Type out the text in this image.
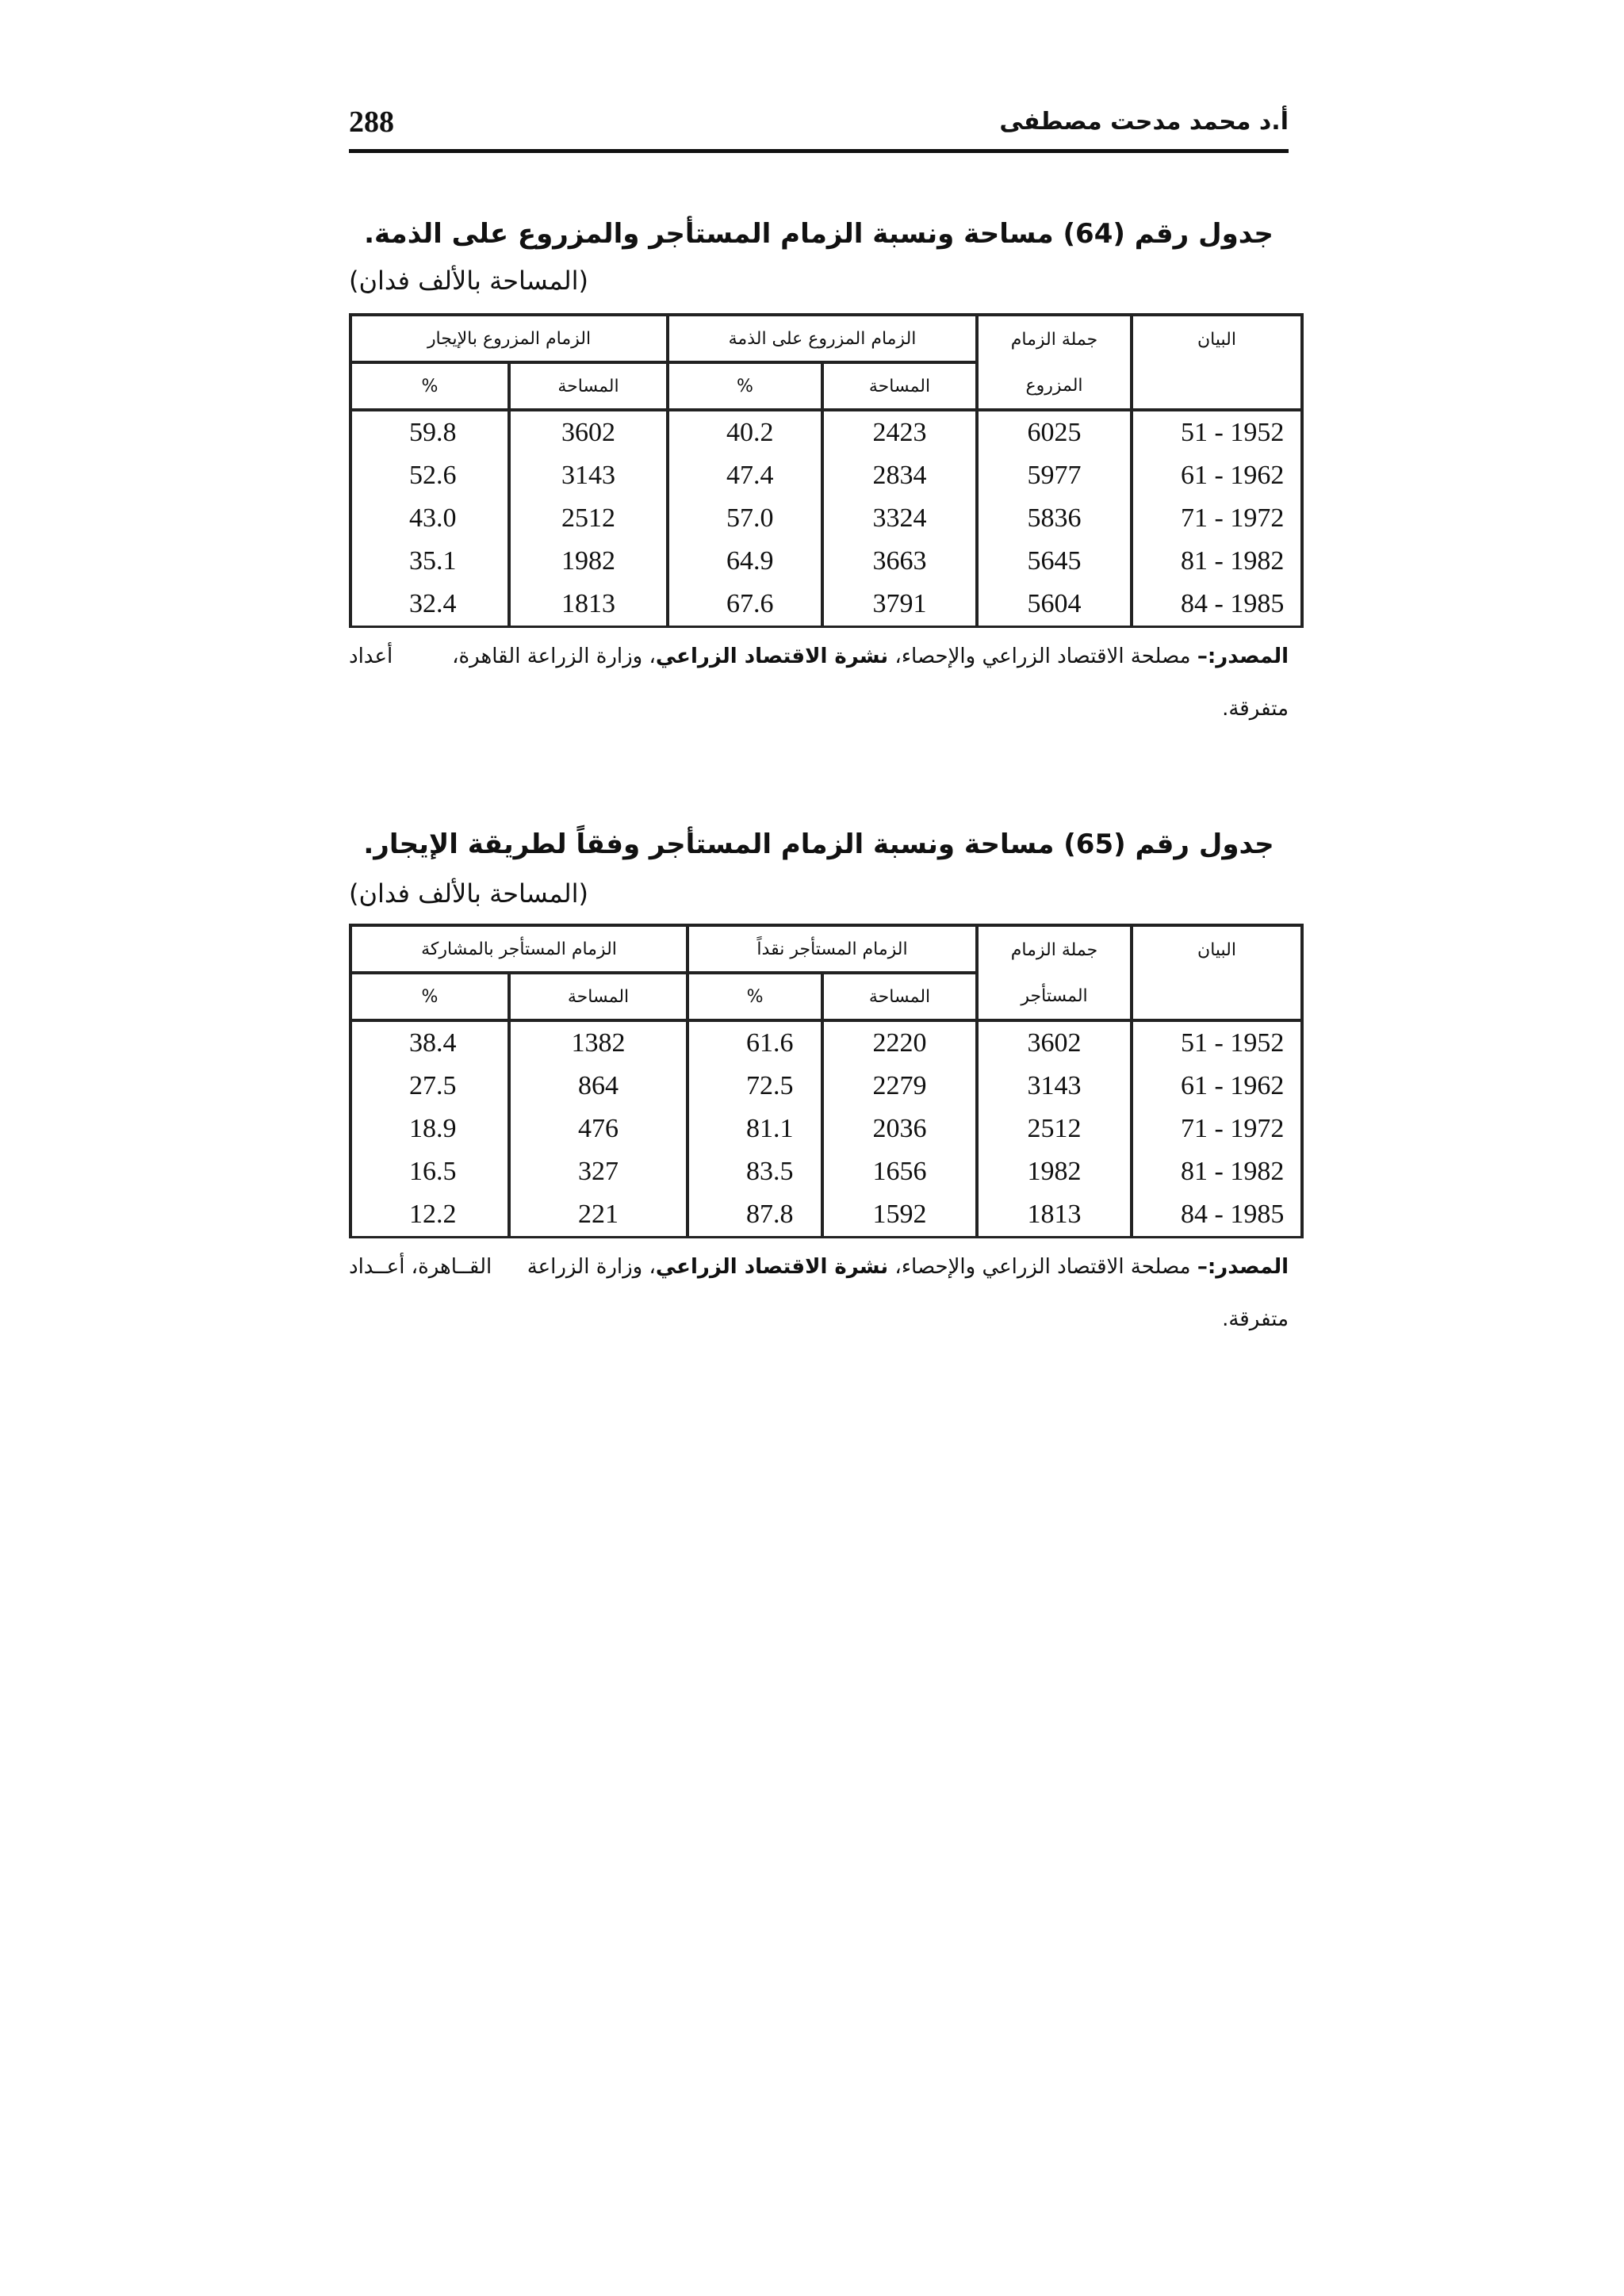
288	أ.د محمد مدحت مصطفى
جدول رقم (64) مساحة ونسبة الزمام المستأجر والمزروع على الذمة.
(المساحة بالألف فدان)
البيان	جملة الزمام	الزمام المزروع على الذمة		الزمام المزروع بالإيجار	
	المزروع	المساحة	%	المساحة	%
51 - 1952	6025	2423	40.2	3602	59.8
61 - 1962	5977	2834	47.4	3143	52.6
71 - 1972	5836	3324	57.0	2512	43.0
81 - 1982	5645	3663	64.9	1982	35.1
84 - 1985	5604	3791	67.6	1813	32.4
المصدر:– مصلحة الاقتصاد الزراعي والإحصاء، نشرة الاقتصاد الزراعي، وزارة الزراعة القاهرة،
أعداد
متفرقة.
جدول رقم (65) مساحة ونسبة الزمام المستأجر وفقاً لطريقة الإيجار.
(المساحة بالألف فدان)
البيان	جملة الزمام	الزمام المستأجر نقداً		الزمام المستأجر بالمشاركة	
	المستأجر	المساحة	%	المساحة	%
51 - 1952	3602	2220	61.6	1382	38.4
61 - 1962	3143	2279	72.5	864	27.5
71 - 1972	2512	2036	81.1	476	18.9
81 - 1982	1982	1656	83.5	327	16.5
84 - 1985	1813	1592	87.8	221	12.2
المصدر:– مصلحة الاقتصاد الزراعي والإحصاء، نشرة الاقتصاد الزراعي، وزارة الزراعة
القــاهرة، أعــداد
متفرقة.
